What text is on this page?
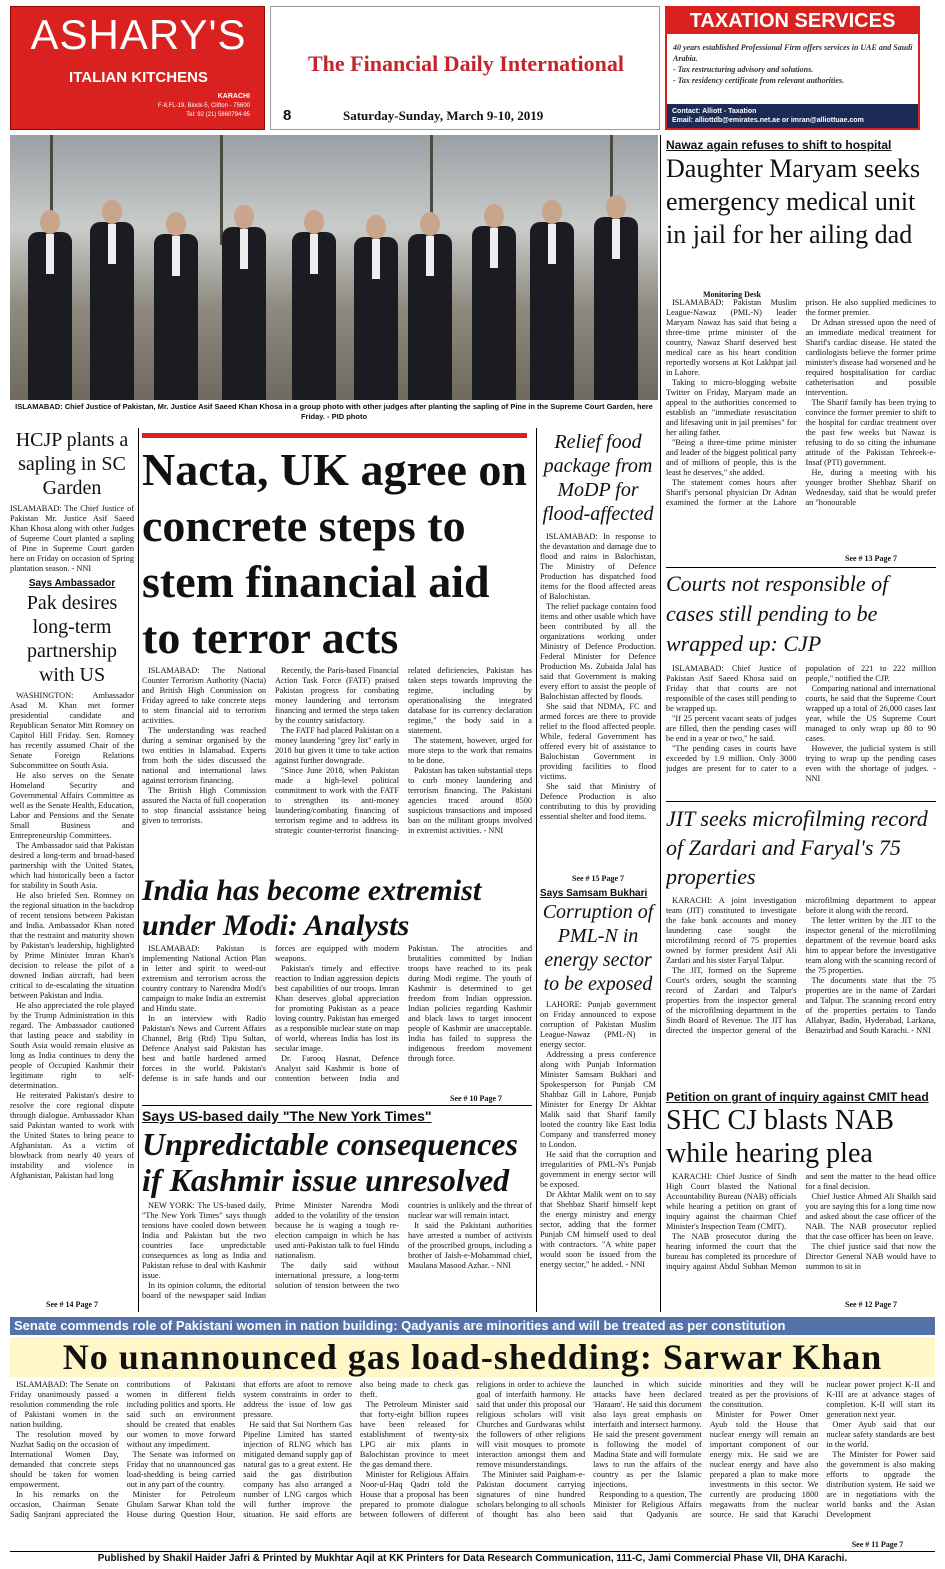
ASHARY'S
ITALIAN KITCHENS
KARACHI
F-8,FL-19, Block-5, Clifton - 75600
Tel: 92 (21) 5860794-95
The Financial Daily International
8	Saturday-Sunday, March 9-10, 2019
TAXATION SERVICES
40 years established Professional Firm offers services in UAE and Saudi Arabia.
- Tax restructuring advisory and solutions.
- Tax residency certificate from relevant authorities.
Contact: Alliott - Taxation
Email: alliottdb@emirates.net.ae or imran@alliottuae.com
ISLAMABAD: Chief Justice of Pakistan, Mr. Justice Asif Saeed Khan Khosa in a group photo with other judges after planting the sapling of Pine in the Supreme Court Garden, here Friday. - PID photo
HCJP plants a sapling in SC Garden
ISLAMABAD: The Chief Justice of Pakistan Mr. Justice Asif Saeed Khan Khosa along with other Judges of Supreme Court planted a sapling of Pine in Supreme Court garden here on Friday on occasion of Spring plantation season. - NNI
Says Ambassador
Pak desires long-term partnership with US

WASHINGTON: Ambassador Asad M. Khan met former presidential candidate and Republican Senator Mitt Romney on Capitol Hill Friday. Sen. Romney has recently assumed Chair of the Senate Foreign Relations Subcommittee on South Asia.

He also serves on the Senate Homeland Security and Governmental Affairs Committee as well as the Senate Health, Education, Labor and Pensions and the Senate Small Business and Entrepreneurship Committees.

The Ambassador said that Pakistan desired a long-term and broad-based partnership with the United States, which had historically been a factor for stability in South Asia.

He also briefed Sen. Romney on the regional situation in the backdrop of recent tensions between Pakistan and India. Ambassador Khan noted that the restraint and maturity shown by Pakistan's leadership, highlighted by Prime Minister Imran Khan's decision to release the pilot of a downed Indian aircraft, had been critical to de-escalating the situation between Pakistan and India.

He also appreciated the role played by the Trump Administration in this regard. The Ambassador cautioned that lasting peace and stability in South Asia would remain elusive as long as India continues to deny the people of Occupied Kashmir their legitimate right to self-determination.

He reiterated Pakistan's desire to resolve the core regional dispute through dialogue. Ambassador Khan said Pakistan wanted to work with the United States to bring peace to Afghanistan. As a victim of blowback from nearly 40 years of instability and violence in Afghanistan, Pakistan had long

See # 14 Page 7
Nacta, UK agree on concrete steps to stem financial aid to terror acts

ISLAMABAD: The National Counter Terrorism Authority (Nacta) and British High Commission on Friday agreed to take concrete steps to stem financial aid to terrorism activities.

The understanding was reached during a seminar organised by the two entities in Islamabad. Experts from both the sides discussed the national and international laws against terrorism financing.

The British High Commission assured the Nacta of full cooperation to stop financial assistance being given to terrorists.

Recently, the Paris-based Financial Action Task Force (FATF) praised Pakistan progress for combating money laundering and terrorism financing and termed the steps taken by the country satisfactory.

The FATF had placed Pakistan on a money laundering "grey list" early in 2018 but given it time to take action against further downgrade.

"Since June 2018, when Pakistan made a high-level political commitment to work with the FATF to strengthen its anti-money laundering/combating financing of terrorism regime and to address its strategic counter-terrorist financing-related deficiencies, Pakistan has taken steps towards improving the regime, including by operationalising the integrated database for its currency declaration regime," the body said in a statement.

The statement, however, urged for more steps to the work that remains to be done.

Pakistan has taken substantial steps to curb money laundering and terrorism financing. The Pakistani agencies traced around 8500 suspicious transactions and imposed ban on the militant groups involved in extremist activities. - NNI

India has become extremist under Modi: Analysts

ISLAMABAD: Pakistan is implementing National Action Plan in letter and spirit to weed-out extremism and terrorism across the country contrary to Narendra Modi's campaign to make India an extremist and Hindu state.

In an interview with Radio Pakistan's News and Current Affairs Channel, Brig (Rtd) Tipu Sultan, Defence Analyst said Pakistan has best and battle hardened armed forces in the world. Pakistan's defense is in safe hands and our forces are equipped with modern weapons.

Pakistan's timely and effective reaction to Indian aggression depicts best capabilities of our troops. Imran Khan deserves global appreciation for promoting Pakistan as a peace loving country. Pakistan has emerged as a responsible nuclear state on map of world, whereas India has lost its secular image.

Dr. Farooq Hasnat, Defence Analyst said Kashmir is bone of contention between India and Pakistan. The atrocities and brutalities committed by Indian troops have reached to its peak during Modi regime. The youth of Kashmir is determined to get freedom from Indian oppression. Indian policies regarding Kashmir and black laws to target innocent people of Kashmir are unacceptable. India has failed to suppress the indigenous freedom movement through force.

See # 10 Page 7
Says US-based daily "The New York Times"
Unpredictable consequences if Kashmir issue unresolved

NEW YORK: The US-based daily, "The New York Times" says though tensions have cooled down between India and Pakistan but the two countries face unpredictable consequences as long as India and Pakistan refuse to deal with Kashmir issue.

In its opinion column, the editorial board of the newspaper said Indian Prime Minister Narendra Modi added to the volatility of the tension because he is waging a tough re-election campaign in which he has used anti-Pakistan talk to fuel Hindu nationalism.

The daily said without international pressure, a long-term solution of tension between the two countries is unlikely and the threat of nuclear war will remain intact.

It said the Pakistani authorities have arrested a number of activists of the proscribed groups, including a brother of Jaish-e-Mohammad chief, Maulana Masood Azhar. - NNI

Relief food package from MoDP for flood-affected

ISLAMABAD: In response to the devastation and damage due to flood and rains in Balochistan, The Ministry of Defence Production has dispatched food items for the flood affected areas of Balochistan.

The relief package contains food items and other usable which have been contributed by all the organizations working under Ministry of Defence Production. Federal Minister for Defence Production Ms. Zubaida Jalal has said that Government is making every effort to assist the people of Balochistan affected by floods.

She said that NDMA, FC and armed forces are there to provide relief to the flood affected people. While, federal Government has offered every bit of assistance to Balochistan Government in providing facilities to flood victims.

She said that Ministry of Defence Production is also contributing to this by providing essential shelter and food items.

See # 15 Page 7
Says Samsam Bukhari
Corruption of PML-N in energy sector to be exposed

LAHORE: Punjab government on Friday announced to expose corruption of Pakistan Muslim League-Nawaz (PML-N) in energy sector.

Addressing a press conference along with Punjab Information Minister Samsam Bukhari and Spokesperson for Punjab CM Shahbaz Gill in Lahore, Punjab Minister for Energy Dr Akhtar Malik said that Sharif family looted the country like East India Company and transferred money to London.

He said that the corruption and irregularities of PML-N's Punjab government in energy sector will be exposed.

Dr Akhtar Malik went on to say that Shehbaz Sharif himself kept the energy ministry and energy sector, adding that the former Punjab CM himself used to deal with contractors. "A white paper would soon be issued from the energy sector," he added. - NNI

Nawaz again refuses to shift to hospital
Daughter Maryam seeks emergency medical unit in jail for her ailing dad
Monitoring Desk

ISLAMABAD: Pakistan Muslim League-Nawaz (PML-N) leader Maryam Nawaz has said that being a three-time prime minister of the country, Nawaz Sharif deserved best medical care as his heart condition reportedly worsens at Kot Lakhpat jail in Lahore.

Taking to micro-blogging website Twitter on Friday, Maryam made an appeal to the authorities concerned to establish an "immediate resuscitation and lifesaving unit in jail premises" for her ailing father.

"Being a three-time prime minister and leader of the biggest political party and of millions of people, this is the least he deserves," she added.

The statement comes hours after Sharif's personal physician Dr Adnan examined the former at the Lahore prison. He also supplied medicines to the former premier.

Dr Adnan stressed upon the need of an immediate medical treatment for Sharif's cardiac disease. He stated the cardiologists believe the former prime minister's disease had worsened and he required hospitalisation for cardiac catheterisation and possible intervention.

The Sharif family has been trying to convince the former premier to shift to the hospital for cardiac treatment over the past few weeks but Nawaz is refusing to do so citing the inhumane attitude of the Pakistan Tehreek-e-Insaf (PTI) government.

He, during a meeting with his younger brother Shehbaz Sharif on Wednesday, said that he would prefer an "honourable

See # 13 Page 7
Courts not responsible of cases still pending to be wrapped up: CJP

ISLAMABAD: Chief Justice of Pakistan Asif Saeed Khosa said on Friday that that courts are not responsible of the cases still pending to be wrapped up.

"If 25 percent vacant seats of judges are filled, then the pending cases will be end in a year or two," he said.

"The pending cases in courts have exceeded by 1.9 million. Only 3000 judges are present for to cater to a population of 221 to 222 million people," notified the CJP.

Comparing national and international courts, he said that the Supreme Court wrapped up a total of 26,000 cases last year, while the US Supreme Court managed to only wrap up 80 to 90 cases.

However, the judicial system is still trying to wrap up the pending cases even with the shortage of judges. - NNI

JIT seeks microfilming record of Zardari and Faryal's 75 properties

KARACHI: A joint investigation team (JIT) constituted to investigate the fake bank accounts and money laundering case sought the microfilming record of 75 properties owned by former president Asif Ali Zardari and his sister Faryal Talpur.

The JIT, formed on the Supreme Court's orders, sought the scanning record of Zardari and Talpur's properties from the inspector general of the microfilming department in the Sindh Board of Revenue. The JIT has directed the inspector general of the microfilming department to appear before it along with the record.

The letter written by the JIT to the inspector general of the microfilming department of the revenue board asks him to appear before the investigative team along with the scanning record of the 75 properties.

The documents state that the 75 properties are in the name of Zardari and Talpur. The scanning record entry of the properties pertains to Tando Allahyar, Badin, Hyderabad, Larkana, Benazirbad and South Karachi. - NNI

Petition on grant of inquiry against CMIT head
SHC CJ blasts NAB while hearing plea

KARACHI: Chief Justice of Sindh High Court blasted the National Accountability Bureau (NAB) officials while hearing a petition on grant of inquiry against the chairman Chief Minister's Inspection Team (CMIT).

The NAB prosecutor during the hearing informed the court that the bureau has completed its procedure of inquiry against Abdul Subhan Memon and sent the matter to the head office for a final decision.

Chief Justice Ahmed Ali Shaikh said you are saying this for a long time now and asked about the case officer of the NAB. The NAB prosecutor replied that the case officer has been on leave.

The chief justice said that now the Director General NAB would have to summon to sit in

See # 12 Page 7
Senate commends role of Pakistani women in nation building: Qadyanis are minorities and will be treated as per constitution
No unannounced gas load-shedding: Sarwar Khan

ISLAMABAD: The Senate on Friday unanimously passed a resolution commending the role of Pakistani women in the nation building.

The resolution moved by Nuzhat Sadiq on the occasion of International Women Day, demanded that concrete steps should be taken for women empowerment.

In his remarks on the occasion, Chairman Senate Sadiq Sanjrani appreciated the contributions of Pakistani women in different fields including politics and sports. He said such an environment should be created that enables our women to move forward without any impediment.

The Senate was informed on Friday that no unannounced gas load-shedding is being carried out in any part of the country.

Minister for Petroleum Ghulam Sarwar Khan told the House during Question Hour, that efforts are afoot to remove system constraints in order to address the issue of low gas pressure.

He said that Sui Northern Gas Pipeline Limited has started injection of RLNG which has mitigated demand supply gap of natural gas to a great extent. He said the gas distribution company has also arranged a number of LNG cargos which will further improve the situation. He said efforts are also being made to check gas theft.

The Petroleum Minister said that forty-eight billion rupees have been released for establishment of twenty-six LPG air mix plants in Balochistan province to meet the gas demand there.

Minister for Religious Affairs Noor-ul-Haq Qadri told the House that a proposal has been prepared to promote dialogue between followers of different religions in order to achieve the goal of interfaith harmony. He said that under this proposal our religious scholars will visit Churches and Gurdwaras whilst the followers of other religions will visit mosques to promote interaction amongst them and remove misunderstandings.

The Minister said Paigham-e-Pakistan document carrying signatures of nine hundred scholars belonging to all schools of thought has also been launched in which suicide attacks have been declared 'Haraam'. He said this document also lays great emphasis on interfaith and intersect harmony. He said the present government is following the model of Madina State and will formulate laws to run the affairs of the country as per the Islamic injections.

Responding to a question, The Minister for Religious Affairs said that Qadyanis are minorities and they will be treated as per the provisions of the constitution.

Minister for Power Omer Ayub told the House that nuclear energy will remain an important component of our energy mix. He said we are nuclear energy and have also prepared a plan to make more investments in this sector. We currently are producing 1800 megawatts from the nuclear source. He said that Karachi nuclear power project K-II and K-III are at advance stages of completion. K-II will start its generation next year.

Omer Ayub said that our nuclear safety standards are best in the world.

The Minister for Power said the government is also making efforts to upgrade the distribution system. He said we are in negotiations with the world banks and the Asian Development

See # 11 Page 7
Published by Shakil Haider Jafri & Printed by Mukhtar Aqil at KK Printers for Data Research Communication, 111-C, Jami Commercial Phase VII, DHA Karachi.
